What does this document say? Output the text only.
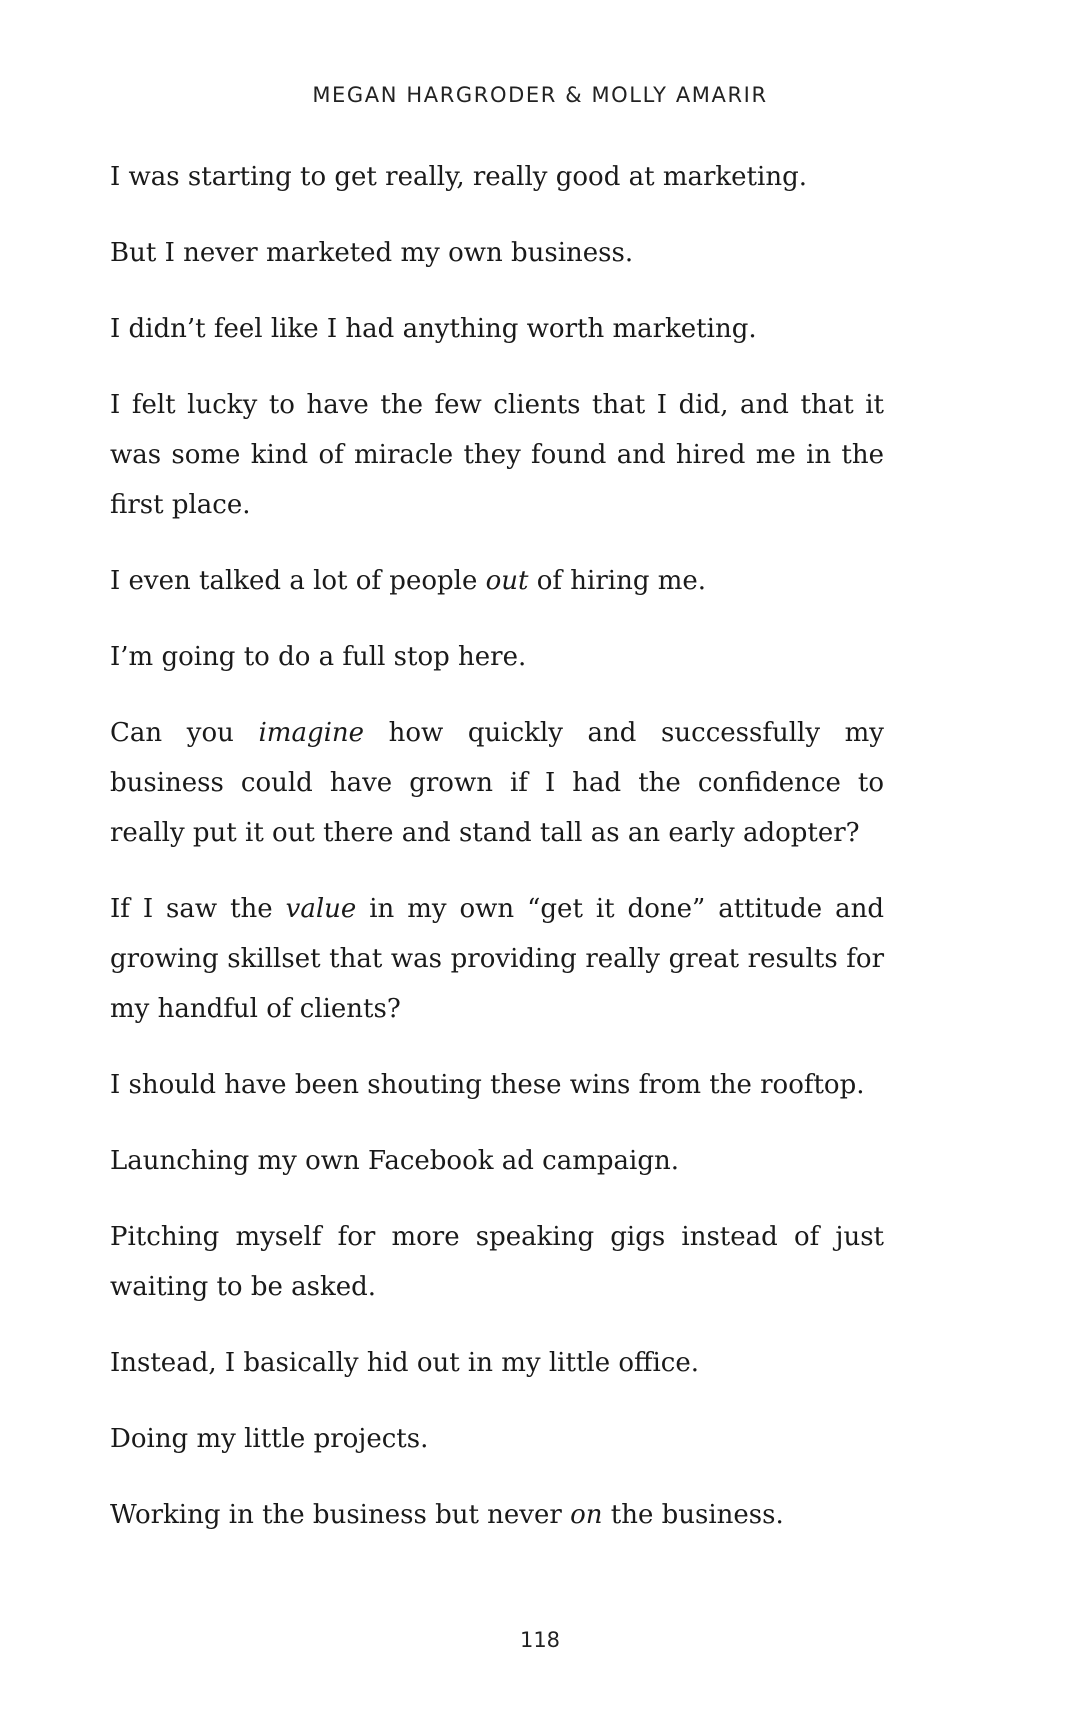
MEGAN HARGRODER & MOLLY AMARIR

I was starting to get really, really good at marketing.

But I never marketed my own business.

I didn’t feel like I had anything worth marketing.

I felt lucky to have the few clients that I did, and that it was some kind of miracle they found and hired me in the first place.

I even talked a lot of people out of hiring me.

I’m going to do a full stop here.

Can you imagine how quickly and successfully my business could have grown if I had the confidence to really put it out there and stand tall as an early adopter?

If I saw the value in my own “get it done” attitude and growing skillset that was providing really great results for my handful of clients?

I should have been shouting these wins from the rooftop.

Launching my own Facebook ad campaign.

Pitching myself for more speaking gigs instead of just waiting to be asked.

Instead, I basically hid out in my little office.

Doing my little projects.

Working in the business but never on the business.

118
